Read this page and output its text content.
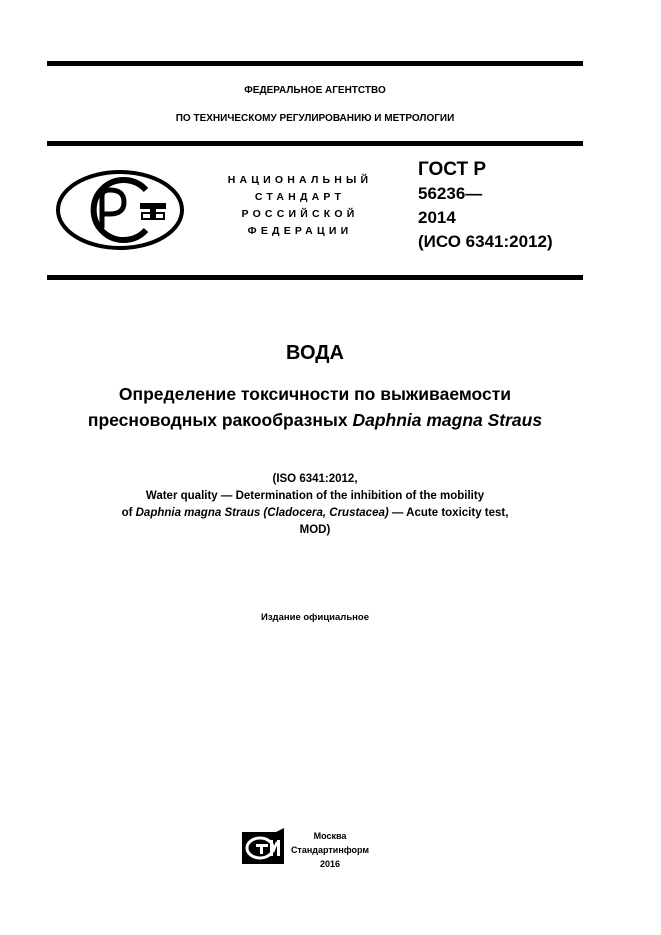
ФЕДЕРАЛЬНОЕ АГЕНТСТВО
ПО ТЕХНИЧЕСКОМУ РЕГУЛИРОВАНИЮ И МЕТРОЛОГИИ
НАЦИОНАЛЬНЫЙ
СТАНДАРТ
РОССИЙСКОЙ
ФЕДЕРАЦИИ
ГОСТ Р
56236—
2014
(ИСО 6341:2012)
ВОДА
Определение токсичности по выживаемости
пресноводных ракообразных Daphnia magna Straus
(ISO 6341:2012,
Water quality — Determination of the inhibition of the mobility
of Daphnia magna Straus (Cladocera, Crustacea) — Acute toxicity test,
MOD)
Издание официальное
Москва
Стандартинформ
2016
